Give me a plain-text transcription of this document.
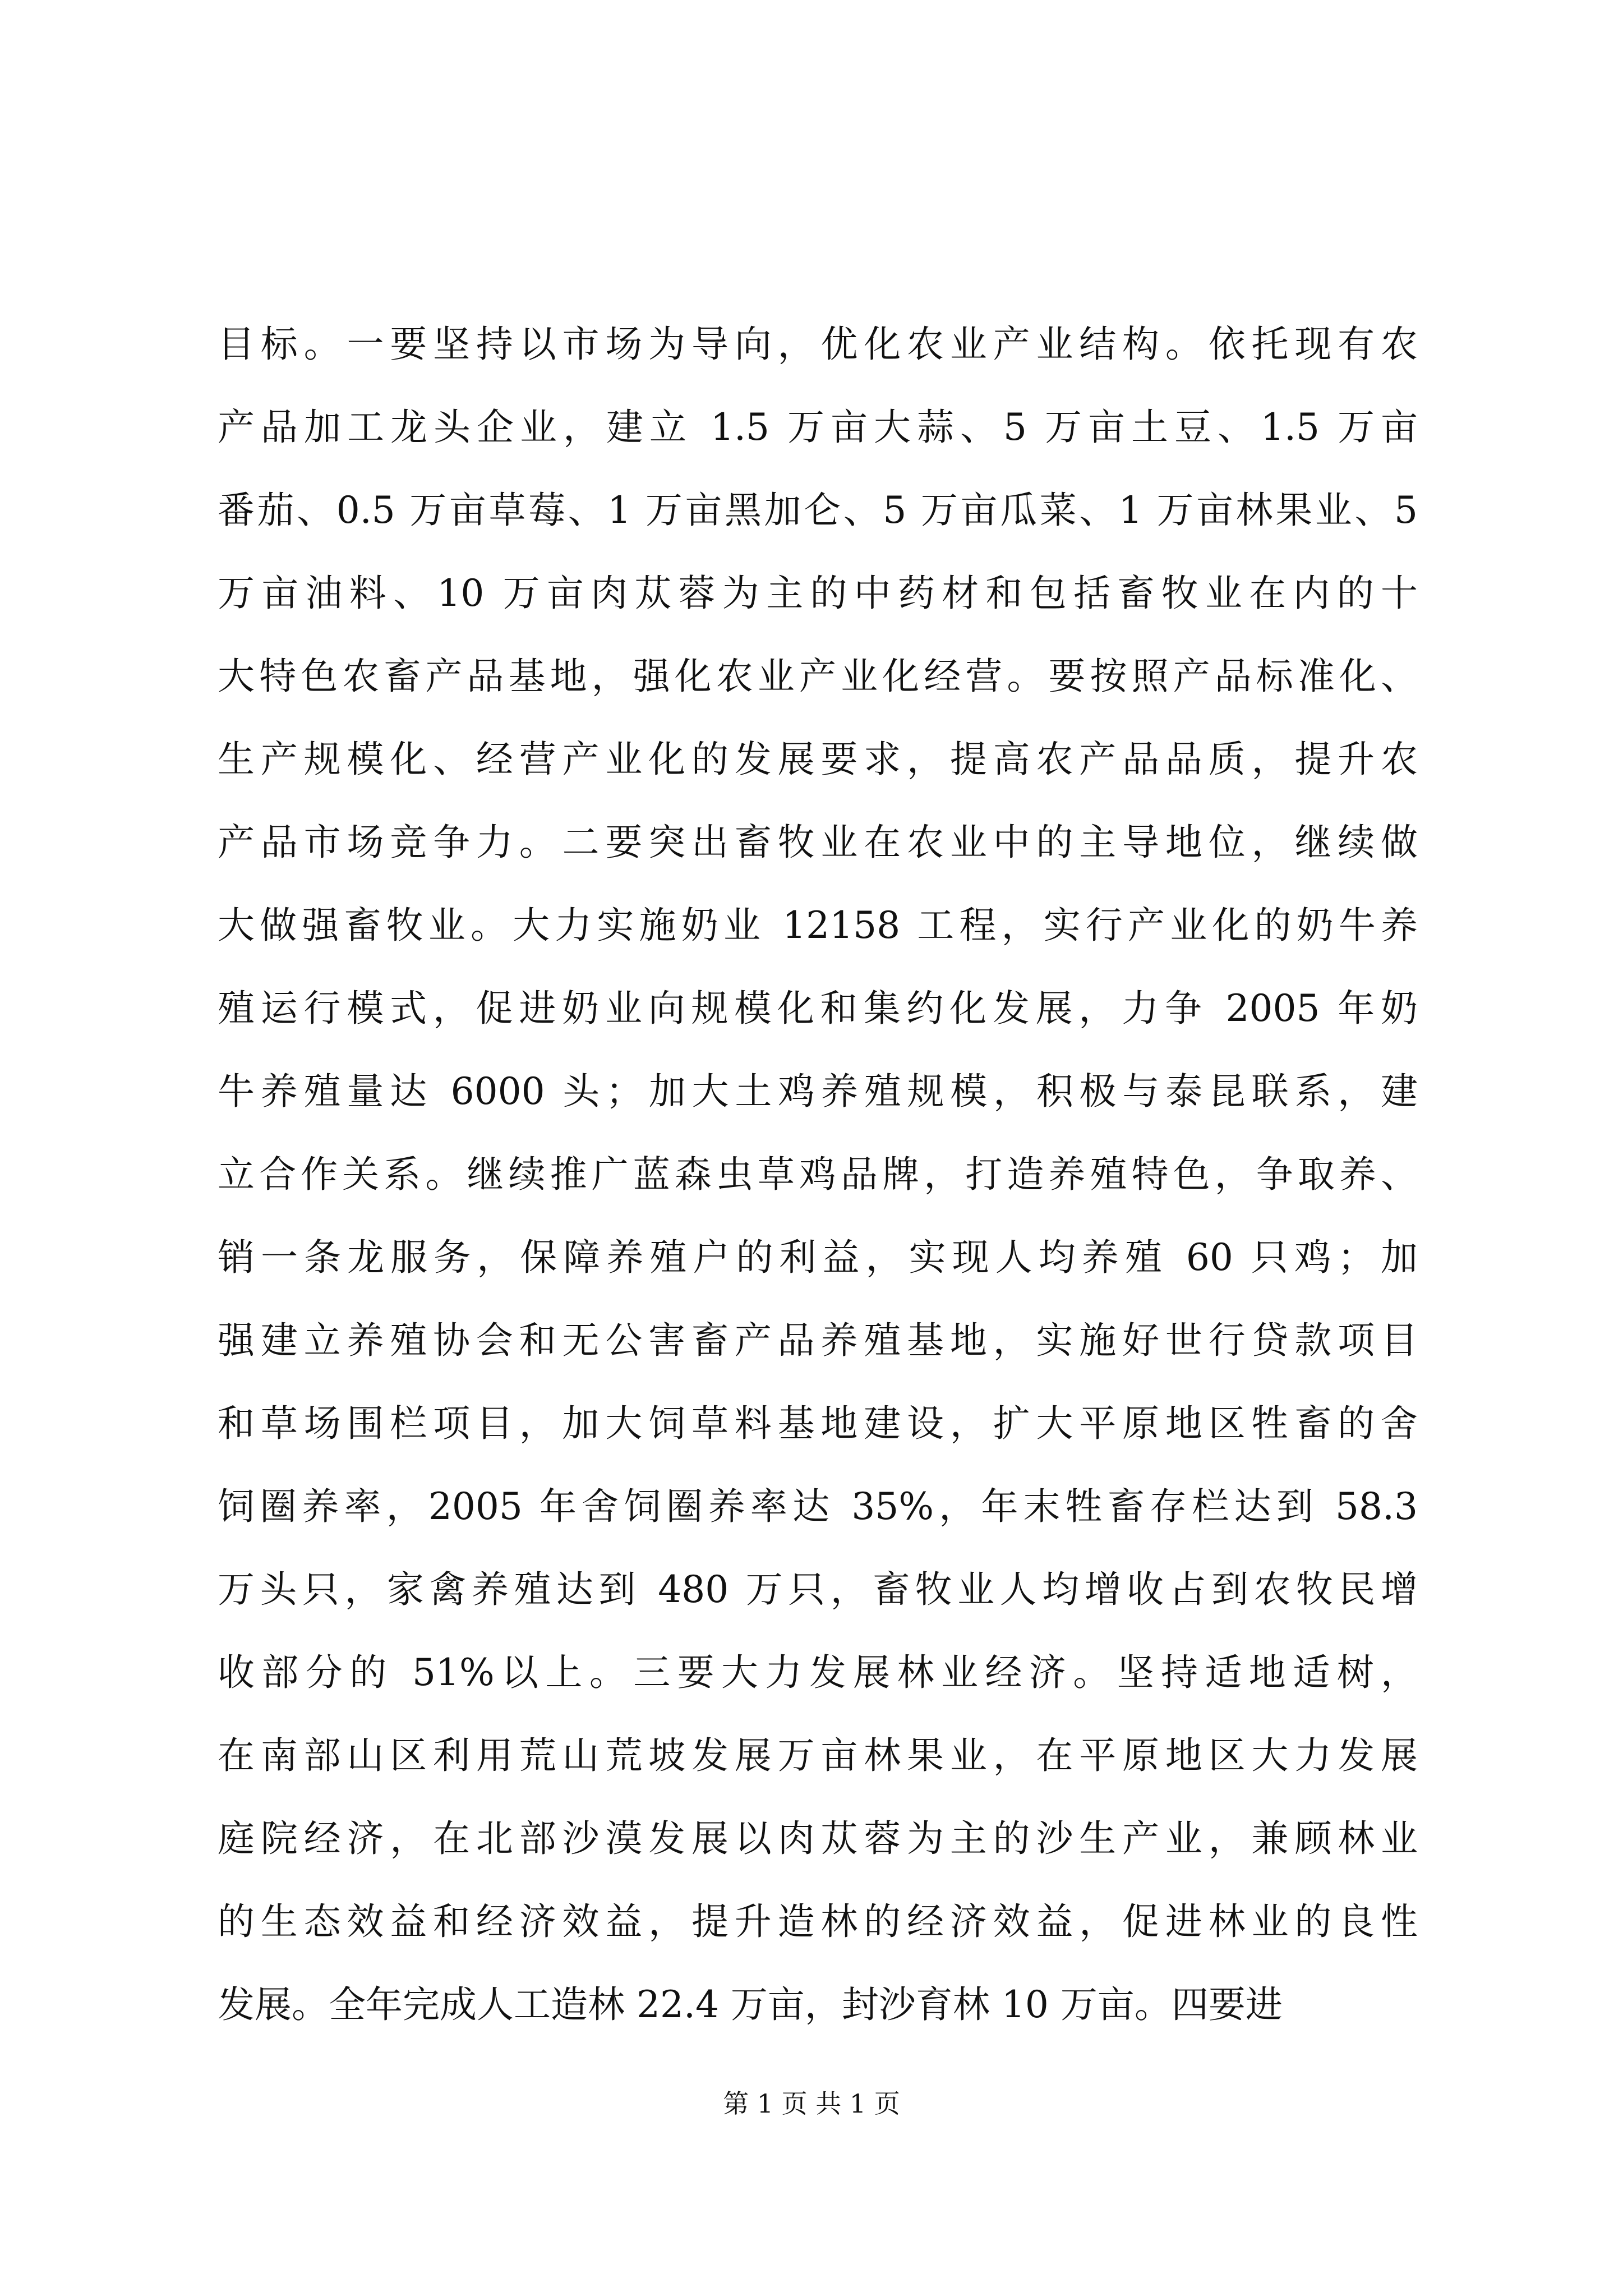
目标。一要坚持以市场为导向，优化农业产业结构。依托现有农
产品加工龙头企业，建立 1.5 万亩大蒜、5 万亩土豆、1.5 万亩
番茄、0.5 万亩草莓、1 万亩黑加仑、5 万亩瓜菜、1 万亩林果业、5
万亩油料、10 万亩肉苁蓉为主的中药材和包括畜牧业在内的十
大特色农畜产品基地，强化农业产业化经营。要按照产品标准化、
生产规模化、经营产业化的发展要求，提高农产品品质，提升农
产品市场竞争力。二要突出畜牧业在农业中的主导地位，继续做
大做强畜牧业。大力实施奶业 12158 工程，实行产业化的奶牛养
殖运行模式，促进奶业向规模化和集约化发展，力争 2005 年奶
牛养殖量达 6000 头；加大土鸡养殖规模，积极与泰昆联系，建
立合作关系。继续推广蓝森虫草鸡品牌，打造养殖特色，争取养、
销一条龙服务，保障养殖户的利益，实现人均养殖 60 只鸡；加
强建立养殖协会和无公害畜产品养殖基地，实施好世行贷款项目
和草场围栏项目，加大饲草料基地建设，扩大平原地区牲畜的舍
饲圈养率，2005 年舍饲圈养率达 35%，年末牲畜存栏达到 58.3
万头只，家禽养殖达到 480 万只，畜牧业人均增收占到农牧民增
收部分的 51%以上。三要大力发展林业经济。坚持适地适树，
在南部山区利用荒山荒坡发展万亩林果业，在平原地区大力发展
庭院经济，在北部沙漠发展以肉苁蓉为主的沙生产业，兼顾林业
的生态效益和经济效益，提升造林的经济效益，促进林业的良性
发展。全年完成人工造林 22.4 万亩，封沙育林 10 万亩。四要进
第 1 页 共 1 页
